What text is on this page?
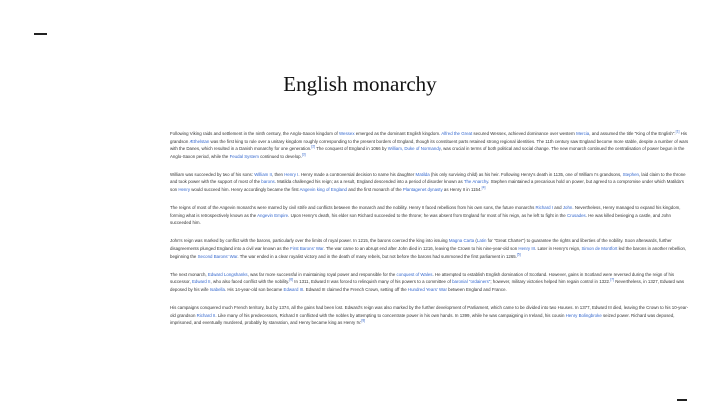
English monarchy

Following Viking raids and settlement in the ninth century, the Anglo-Saxon kingdom of Wessex emerged as the dominant English kingdom. Alfred the Great secured Wessex, achieved dominance over western Mercia, and assumed the title "King of the English".[1] His grandson Æthelstan was the first king to rule over a unitary kingdom roughly corresponding to the present borders of England, though its constituent parts retained strong regional identities. The 11th century saw England become more stable, despite a number of wars with the Danes, which resulted in a Danish monarchy for one generation.[2] The conquest of England in 1066 by William, Duke of Normandy, was crucial in terms of both political and social change. The new monarch continued the centralisation of power begun in the Anglo-Saxon period, while the Feudal System continued to develop.[3]

William was succeeded by two of his sons: William II, then Henry I. Henry made a controversial decision to name his daughter Matilda (his only surviving child) as his heir. Following Henry's death in 1135, one of William I's grandsons, Stephen, laid claim to the throne and took power with the support of most of the barons. Matilda challenged his reign; as a result, England descended into a period of disorder known as The Anarchy. Stephen maintained a precarious hold on power, but agreed to a compromise under which Matilda's son Henry would succeed him. Henry accordingly became the first Angevin king of England and the first monarch of the Plantagenet dynasty as Henry II in 1154.[4]

The reigns of most of the Angevin monarchs were marred by civil strife and conflicts between the monarch and the nobility. Henry II faced rebellions from his own sons, the future monarchs Richard I and John. Nevertheless, Henry managed to expand his kingdom, forming what is retrospectively known as the Angevin Empire. Upon Henry's death, his elder son Richard succeeded to the throne; he was absent from England for most of his reign, as he left to fight in the Crusades. He was killed besieging a castle, and John succeeded him.

John's reign was marked by conflict with the barons, particularly over the limits of royal power. In 1215, the barons coerced the king into issuing Magna Carta (Latin for "Great Charter") to guarantee the rights and liberties of the nobility. Soon afterwards, further disagreements plunged England into a civil war known as the First Barons' War. The war came to an abrupt end after John died in 1216, leaving the Crown to his nine-year-old son Henry III. Later in Henry's reign, Simon de Montfort led the barons in another rebellion, beginning the Second Barons' War. The war ended in a clear royalist victory and in the death of many rebels, but not before the barons had summoned the first parliament in 1265.[5]

The next monarch, Edward Longshanks, was far more successful in maintaining royal power and responsible for the conquest of Wales. He attempted to establish English domination of Scotland. However, gains in Scotland were reversed during the reign of his successor, Edward II, who also faced conflict with the nobility.[6] In 1311, Edward II was forced to relinquish many of his powers to a committee of baronial "ordainers"; however, military victories helped him regain control in 1322.[7] Nevertheless, in 1327, Edward was deposed by his wife Isabella. His 14-year-old son became Edward III. Edward III claimed the French Crown, setting off the Hundred Years' War between England and France.

His campaigns conquered much French territory, but by 1374, all the gains had been lost. Edward's reign was also marked by the further development of Parliament, which came to be divided into two Houses. In 1377, Edward III died, leaving the Crown to his 10-year-old grandson Richard II. Like many of his predecessors, Richard II conflicted with the nobles by attempting to concentrate power in his own hands. In 1399, while he was campaigning in Ireland, his cousin Henry Bolingbroke seized power. Richard was deposed, imprisoned, and eventually murdered, probably by starvation, and Henry became king as Henry IV.[8]
